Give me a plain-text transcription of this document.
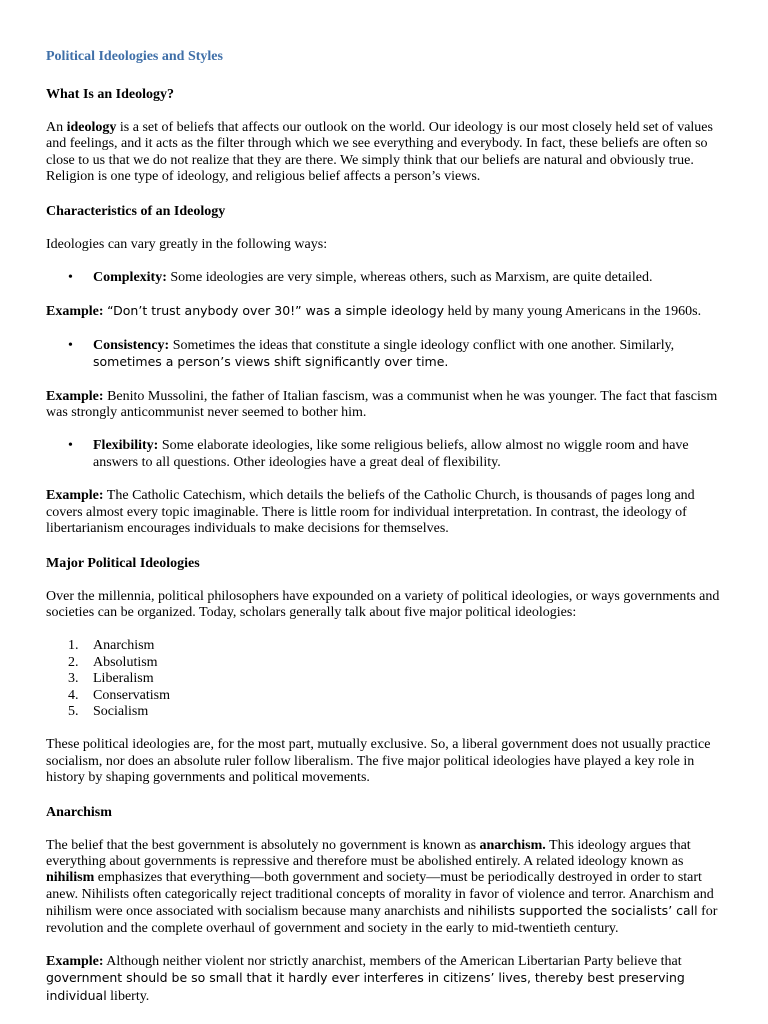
Political Ideologies and Styles
What Is an Ideology?

An ideology is a set of beliefs that affects our outlook on the world. Our ideology is our most closely held set of values and feelings, and it acts as the filter through which we see everything and everybody. In fact, these beliefs are often so close to us that we do not realize that they are there. We simply think that our beliefs are natural and obviously true. Religion is one type of ideology, and religious belief affects a person’s views.

Characteristics of an Ideology

Ideologies can vary greatly in the following ways:

• Complexity: Some ideologies are very simple, whereas others, such as Marxism, are quite detailed.

Example: “Don’t trust anybody over 30!” was a simple ideology held by many young Americans in the 1960s.

• Consistency: Sometimes the ideas that constitute a single ideology conflict with one another. Similarly, sometimes a person’s views shift significantly over time.

Example: Benito Mussolini, the father of Italian fascism, was a communist when he was younger. The fact that fascism was strongly anticommunist never seemed to bother him.

• Flexibility: Some elaborate ideologies, like some religious beliefs, allow almost no wiggle room and have answers to all questions. Other ideologies have a great deal of flexibility.

Example: The Catholic Catechism, which details the beliefs of the Catholic Church, is thousands of pages long and covers almost every topic imaginable. There is little room for individual interpretation. In contrast, the ideology of libertarianism encourages individuals to make decisions for themselves.

Major Political Ideologies

Over the millennia, political philosophers have expounded on a variety of political ideologies, or ways governments and societies can be organized. Today, scholars generally talk about five major political ideologies:

1. Anarchism
2. Absolutism
3. Liberalism
4. Conservatism
5. Socialism

These political ideologies are, for the most part, mutually exclusive. So, a liberal government does not usually practice socialism, nor does an absolute ruler follow liberalism. The five major political ideologies have played a key role in history by shaping governments and political movements.

Anarchism

The belief that the best government is absolutely no government is known as anarchism. This ideology argues that everything about governments is repressive and therefore must be abolished entirely. A related ideology known as nihilism emphasizes that everything—both government and society—must be periodically destroyed in order to start anew. Nihilists often categorically reject traditional concepts of morality in favor of violence and terror. Anarchism and nihilism were once associated with socialism because many anarchists and nihilists supported the socialists’ call for revolution and the complete overhaul of government and society in the early to mid-twentieth century.

Example: Although neither violent nor strictly anarchist, members of the American Libertarian Party believe that government should be so small that it hardly ever interferes in citizens’ lives, thereby best preserving individual liberty.
